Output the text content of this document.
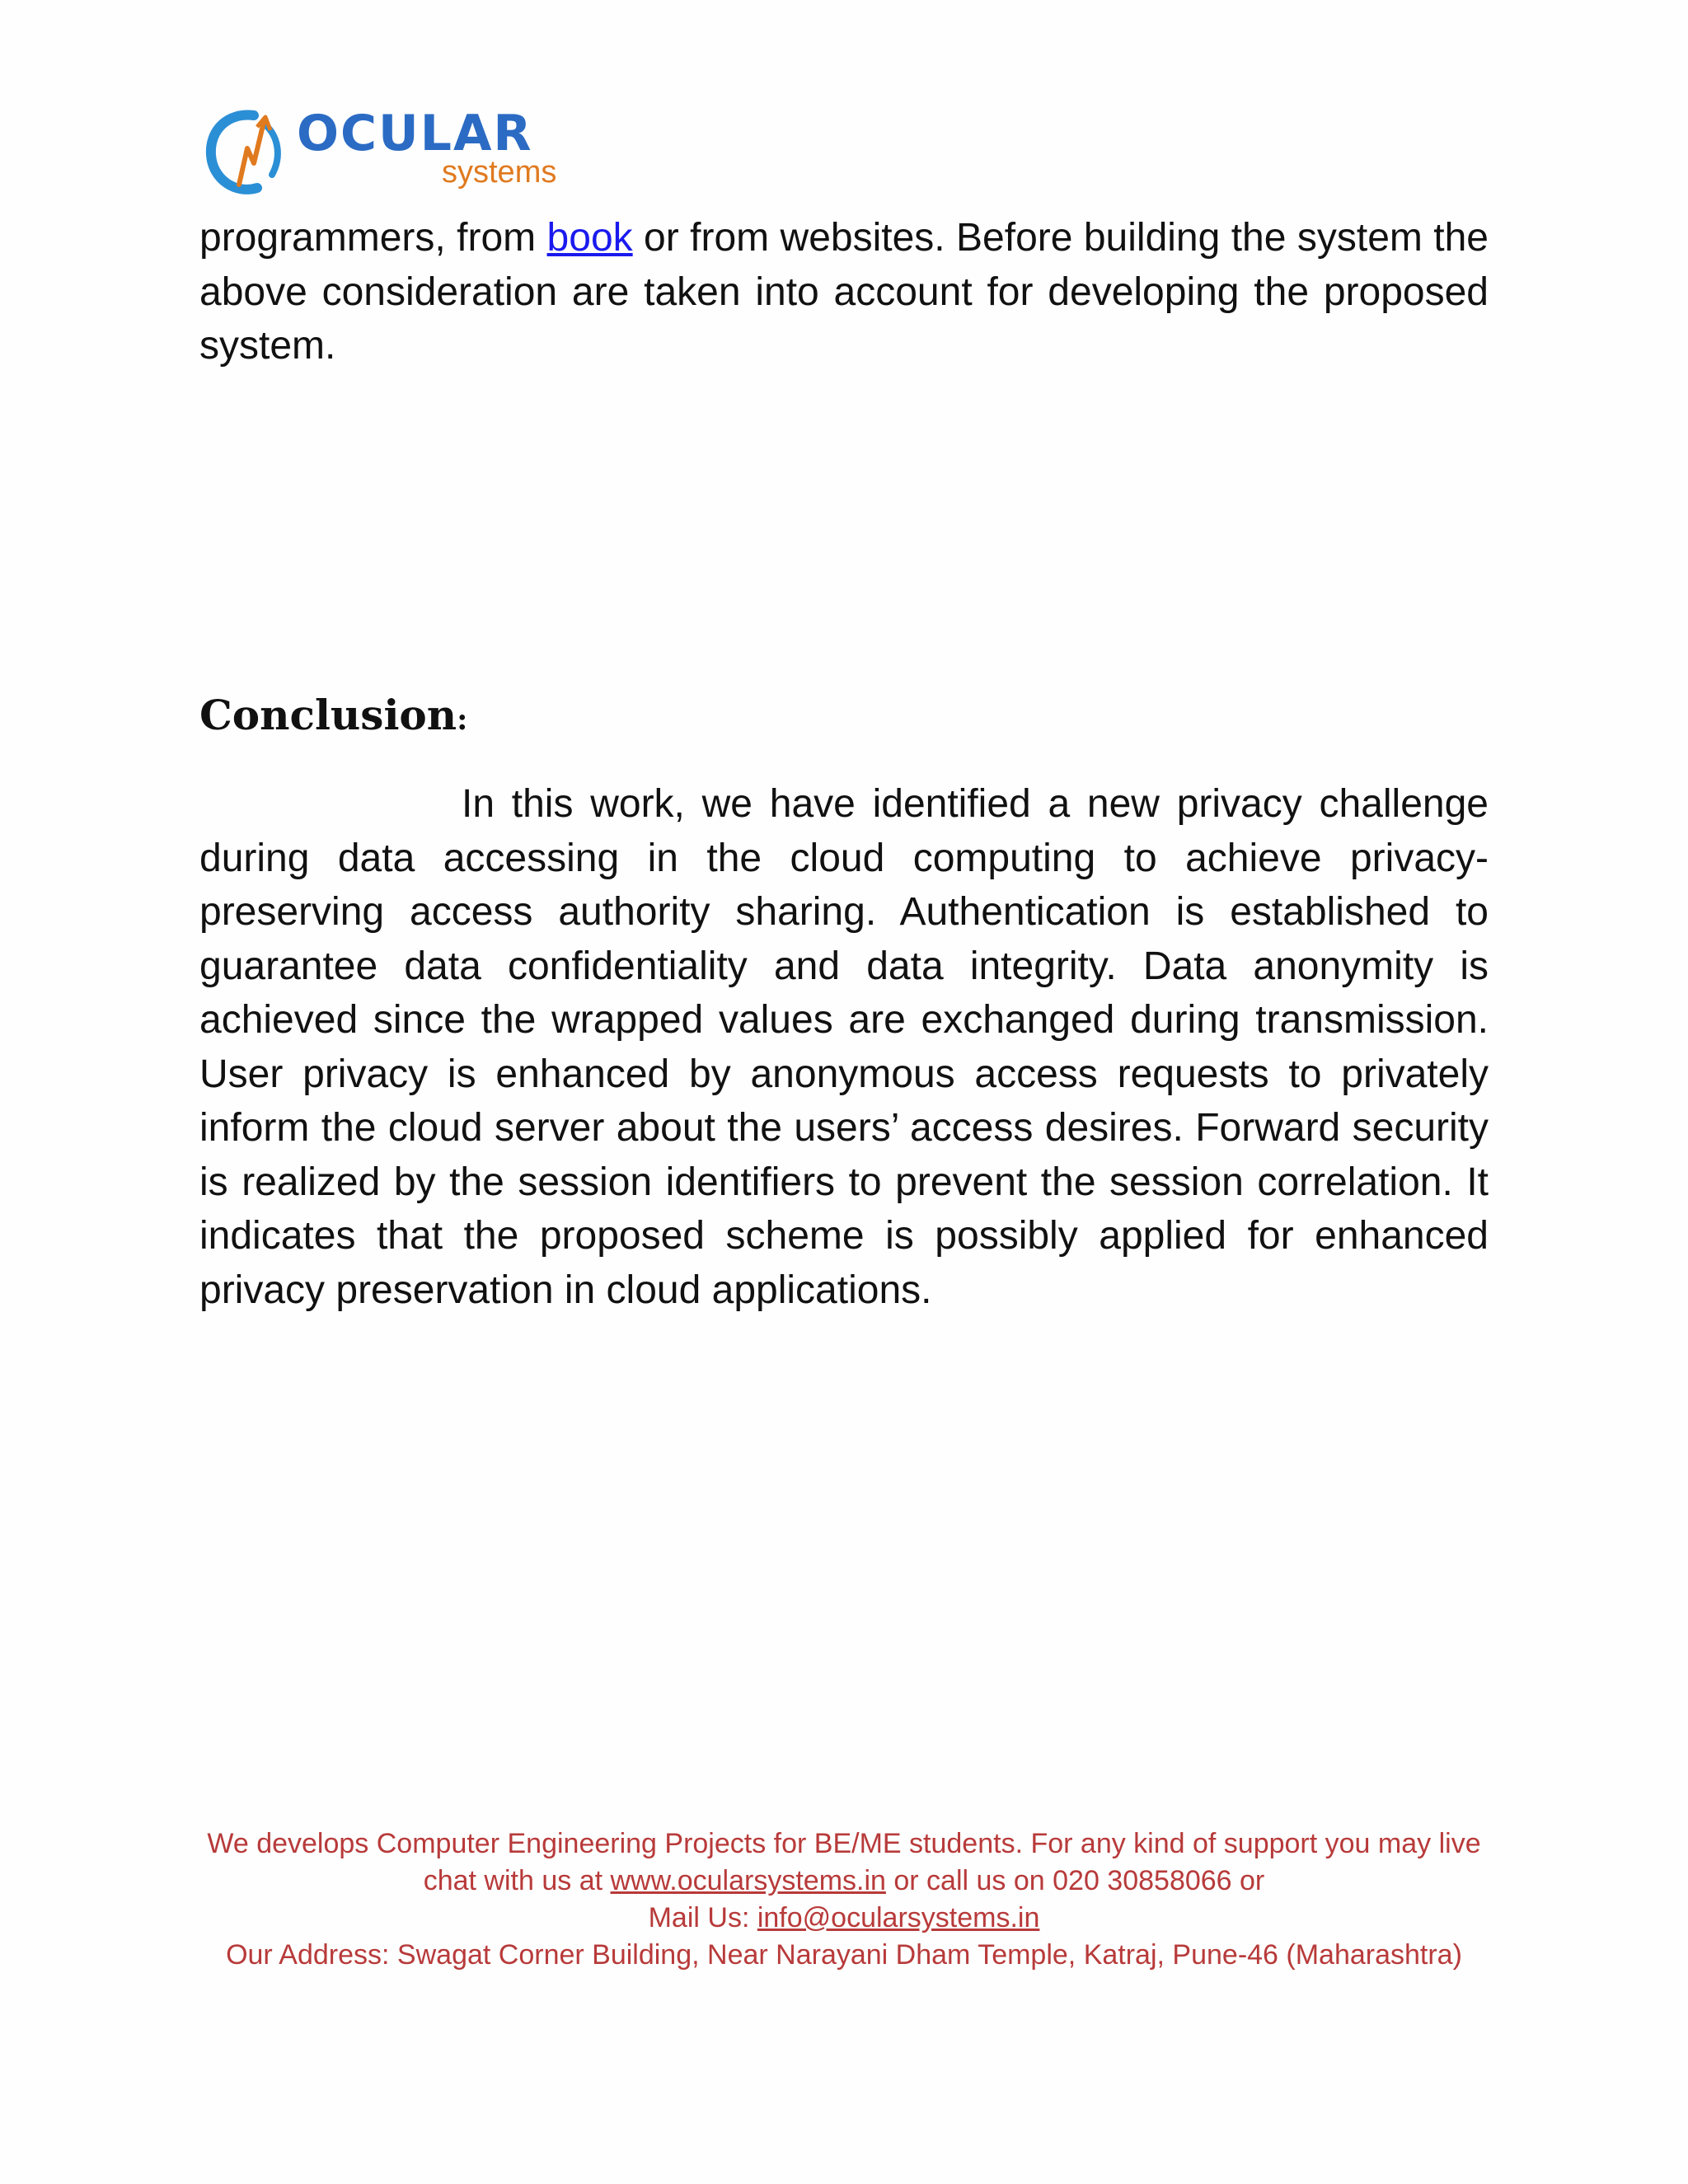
OCULAR
systems
programmers, from book or from websites. Before building the system the above consideration are taken into account for developing the proposed system.
Conclusion:
In this work, we have identified a new privacy challenge during data accessing in the cloud computing to achieve privacy-preserving access authority sharing. Authentication is established to guarantee data confidentiality and data integrity. Data anonymity is achieved since the wrapped values are exchanged during transmission. User privacy is enhanced by anonymous access requests to privately inform the cloud server about the users’ access desires. Forward security is realized by the session identifiers to prevent the session correlation. It indicates that the proposed scheme is possibly applied for enhanced privacy preservation in cloud applications.
We develops Computer Engineering Projects for BE/ME students. For any kind of support you may live
chat with us at www.ocularsystems.in or call us on 020 30858066 or
Mail Us: info@ocularsystems.in
Our Address: Swagat Corner Building, Near Narayani Dham Temple, Katraj, Pune-46 (Maharashtra)
